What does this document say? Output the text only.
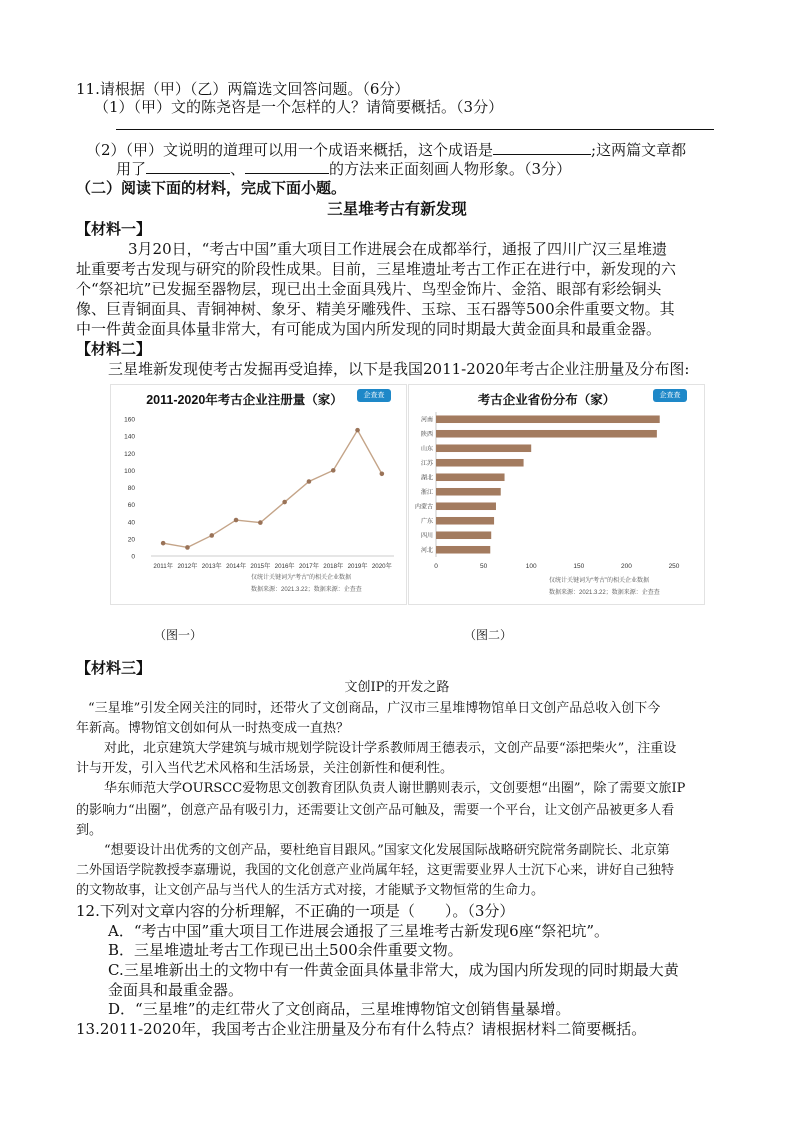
11.请根据（甲）（乙）两篇选文回答问题。（6分）
（1）（甲）文的陈尧咨是一个怎样的人？请简要概括。（3分）
（2）（甲）文说明的道理可以用一个成语来概括，这个成语是	;这两篇文章都
用了	、	的方法来正面刻画人物形象。（3分）
（二）阅读下面的材料，完成下面小题。
三星堆考古有新发现
【材料一】
3月20日，“考古中国”重大项目工作进展会在成都举行，通报了四川广汉三星堆遗
址重要考古发现与研究的阶段性成果。目前，三星堆遗址考古工作正在进行中，新发现的六
个“祭祀坑”已发掘至器物层，现已出土金面具残片、鸟型金饰片、金箔、眼部有彩绘铜头
像、巨青铜面具、青铜神树、象牙、精美牙雕残件、玉琮、玉石器等500余件重要文物。其
中一件黄金面具体量非常大，有可能成为国内所发现的同时期最大黄金面具和最重金器。
【材料二】
三星堆新发现使考古发掘再受追捧，以下是我国2011-2020年考古企业注册量及分布图:
2011-2020年考古企业注册量（家）	企查查
0
20
40
60
80
100
120
140
160
2011年 2012年 2013年 2014年 2015年 2016年 2017年 2018年 2019年 2020年
仅统计关键词为“考古”的相关企业数据
数据来源：2021.3.22；数据来源：企查查
考古企业省份分布（家）	企查查
河南
陕西
山东
江苏
湖北
浙江
内蒙古
广东
四川
河北
0	50	100	150	200	250
仅统计关键词为“考古”的相关企业数据
数据来源：2021.3.22；数据来源：企查查
（图一）	（图二）
【材料三】
文创IP的开发之路
“三星堆”引发全网关注的同时，还带火了文创商品，广汉市三星堆博物馆单日文创产品总收入创下今
年新高。博物馆文创如何从一时热变成一直热？
对此，北京建筑大学建筑与城市规划学院设计学系教师周王德表示，文创产品要“添把柴火”，注重设
计与开发，引入当代艺术风格和生活场景，关注创新性和便利性。
华东师范大学OURSCC爱物思文创教育团队负责人谢世鹏则表示，文创要想“出圈”，除了需要文旅IP
的影响力“出圈”，创意产品有吸引力，还需要让文创产品可触及，需要一个平台，让文创产品被更多人看
到。
“想要设计出优秀的文创产品，要杜绝盲目跟风。”国家文化发展国际战略研究院常务副院长、北京第
二外国语学院教授李嘉珊说，我国的文化创意产业尚属年轻，这更需要业界人士沉下心来，讲好自己独特
的文物故事，让文创产品与当代人的生活方式对接，才能赋予文物恒常的生命力。
12.下列对文章内容的分析理解，不正确的一项是（　　）。（3分）
A．“考古中国”重大项目工作进展会通报了三星堆考古新发现6座“祭祀坑”。
B．三星堆遗址考古工作现已出土500余件重要文物。
C.三星堆新出土的文物中有一件黄金面具体量非常大，成为国内所发现的同时期最大黄
金面具和最重金器。
D．“三星堆”的走红带火了文创商品，三星堆博物馆文创销售量暴增。
13.2011-2020年，我国考古企业注册量及分布有什么特点？请根据材料二简要概括。
